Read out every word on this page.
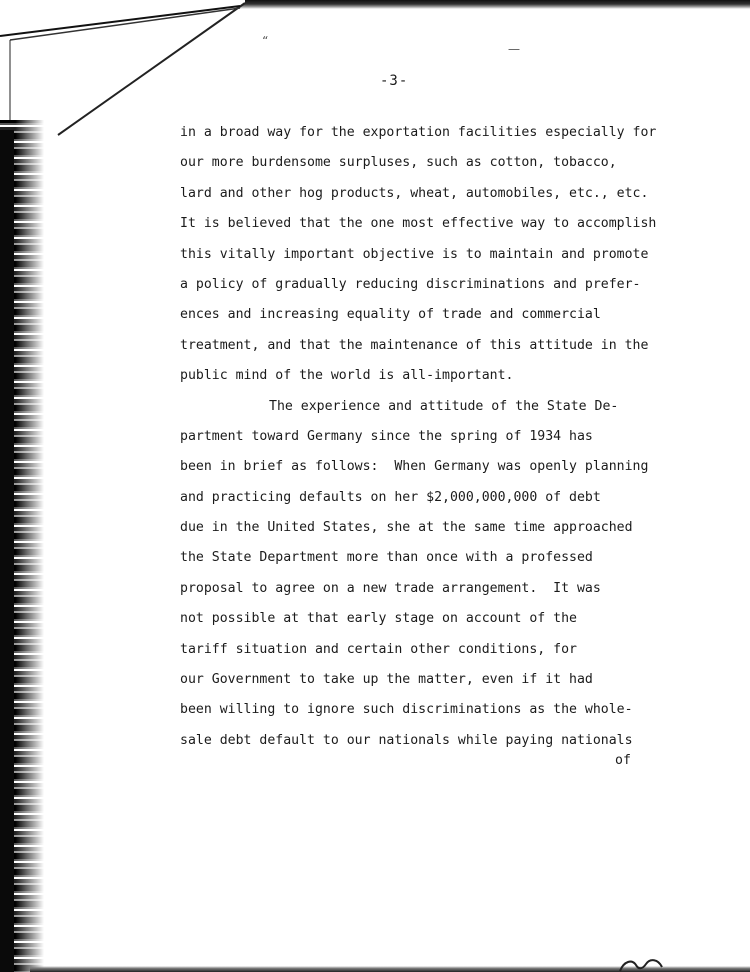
“
—
-3-
in a broad way for the exportation facilities especially for
our more burdensome surpluses, such as cotton, tobacco,
lard and other hog products, wheat, automobiles, etc., etc.
It is believed that the one most effective way to accomplish
this vitally important objective is to maintain and promote
a policy of gradually reducing discriminations and prefer-
ences and increasing equality of trade and commercial
treatment, and that the maintenance of this attitude in the
public mind of the world is all-important.
The experience and attitude of the State De-
partment toward Germany since the spring of 1934 has
been in brief as follows:  When Germany was openly planning
and practicing defaults on her $2,000,000,000 of debt
due in the United States, she at the same time approached
the State Department more than once with a professed
proposal to agree on a new trade arrangement.  It was
not possible at that early stage on account of the
tariff situation and certain other conditions, for
our Government to take up the matter, even if it had
been willing to ignore such discriminations as the whole-
sale debt default to our nationals while paying nationals
of
